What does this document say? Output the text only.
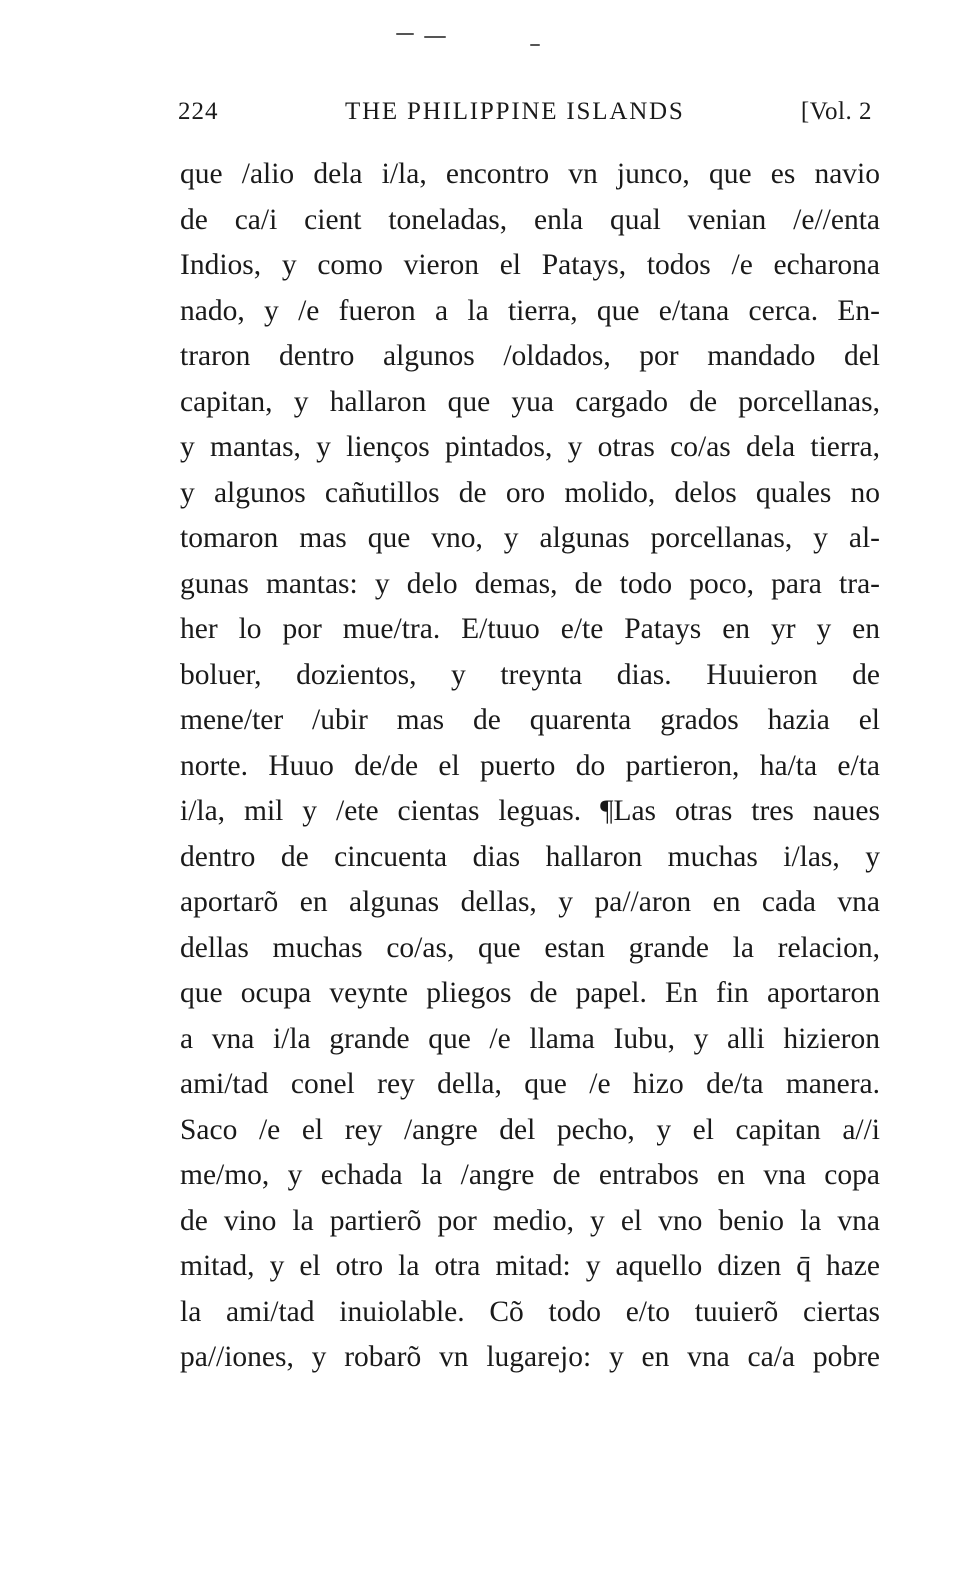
224	THE PHILIPPINE ISLANDS	[Vol. 2
que /alio dela i/la, encontro vn junco, que es navio
de ca/i cient toneladas, enla qual venian /e//enta
Indios, y como vieron el Patays, todos /e echarona
nado, y /e fueron a la tierra, que e/tana cerca. En-
traron dentro algunos /oldados, por mandado del
capitan, y hallaron que yua cargado de porcellanas,
y mantas, y lienços pintados, y otras co/as dela tierra,
y algunos cañutillos de oro molido, delos quales no
tomaron mas que vno, y algunas porcellanas, y al-
gunas mantas: y delo demas, de todo poco, para tra-
her lo por mue/tra. E/tuuo e/te Patays en yr y en
boluer, dozientos, y treynta dias. Huuieron de
mene/ter /ubir mas de quarenta grados hazia el
norte. Huuo de/de el puerto do partieron, ha/ta e/ta
i/la, mil y /ete cientas leguas. ¶Las otras tres naues
dentro de cincuenta dias hallaron muchas i/las, y
aportarõ en algunas dellas, y pa//aron en cada vna
dellas muchas co/as, que estan grande la relacion,
que ocupa veynte pliegos de papel. En fin aportaron
a vna i/la grande que /e llama Iubu, y alli hizieron
ami/tad conel rey della, que /e hizo de/ta manera.
Saco /e el rey /angre del pecho, y el capitan a//i
me/mo, y echada la /angre de entrabos en vna copa
de vino la partierõ por medio, y el vno benio la vna
mitad, y el otro la otra mitad: y aquello dizen q̄ haze
la ami/tad inuiolable. Cõ todo e/to tuuierõ ciertas
pa//iones, y robarõ vn lugarejo: y en vna ca/a pobre
